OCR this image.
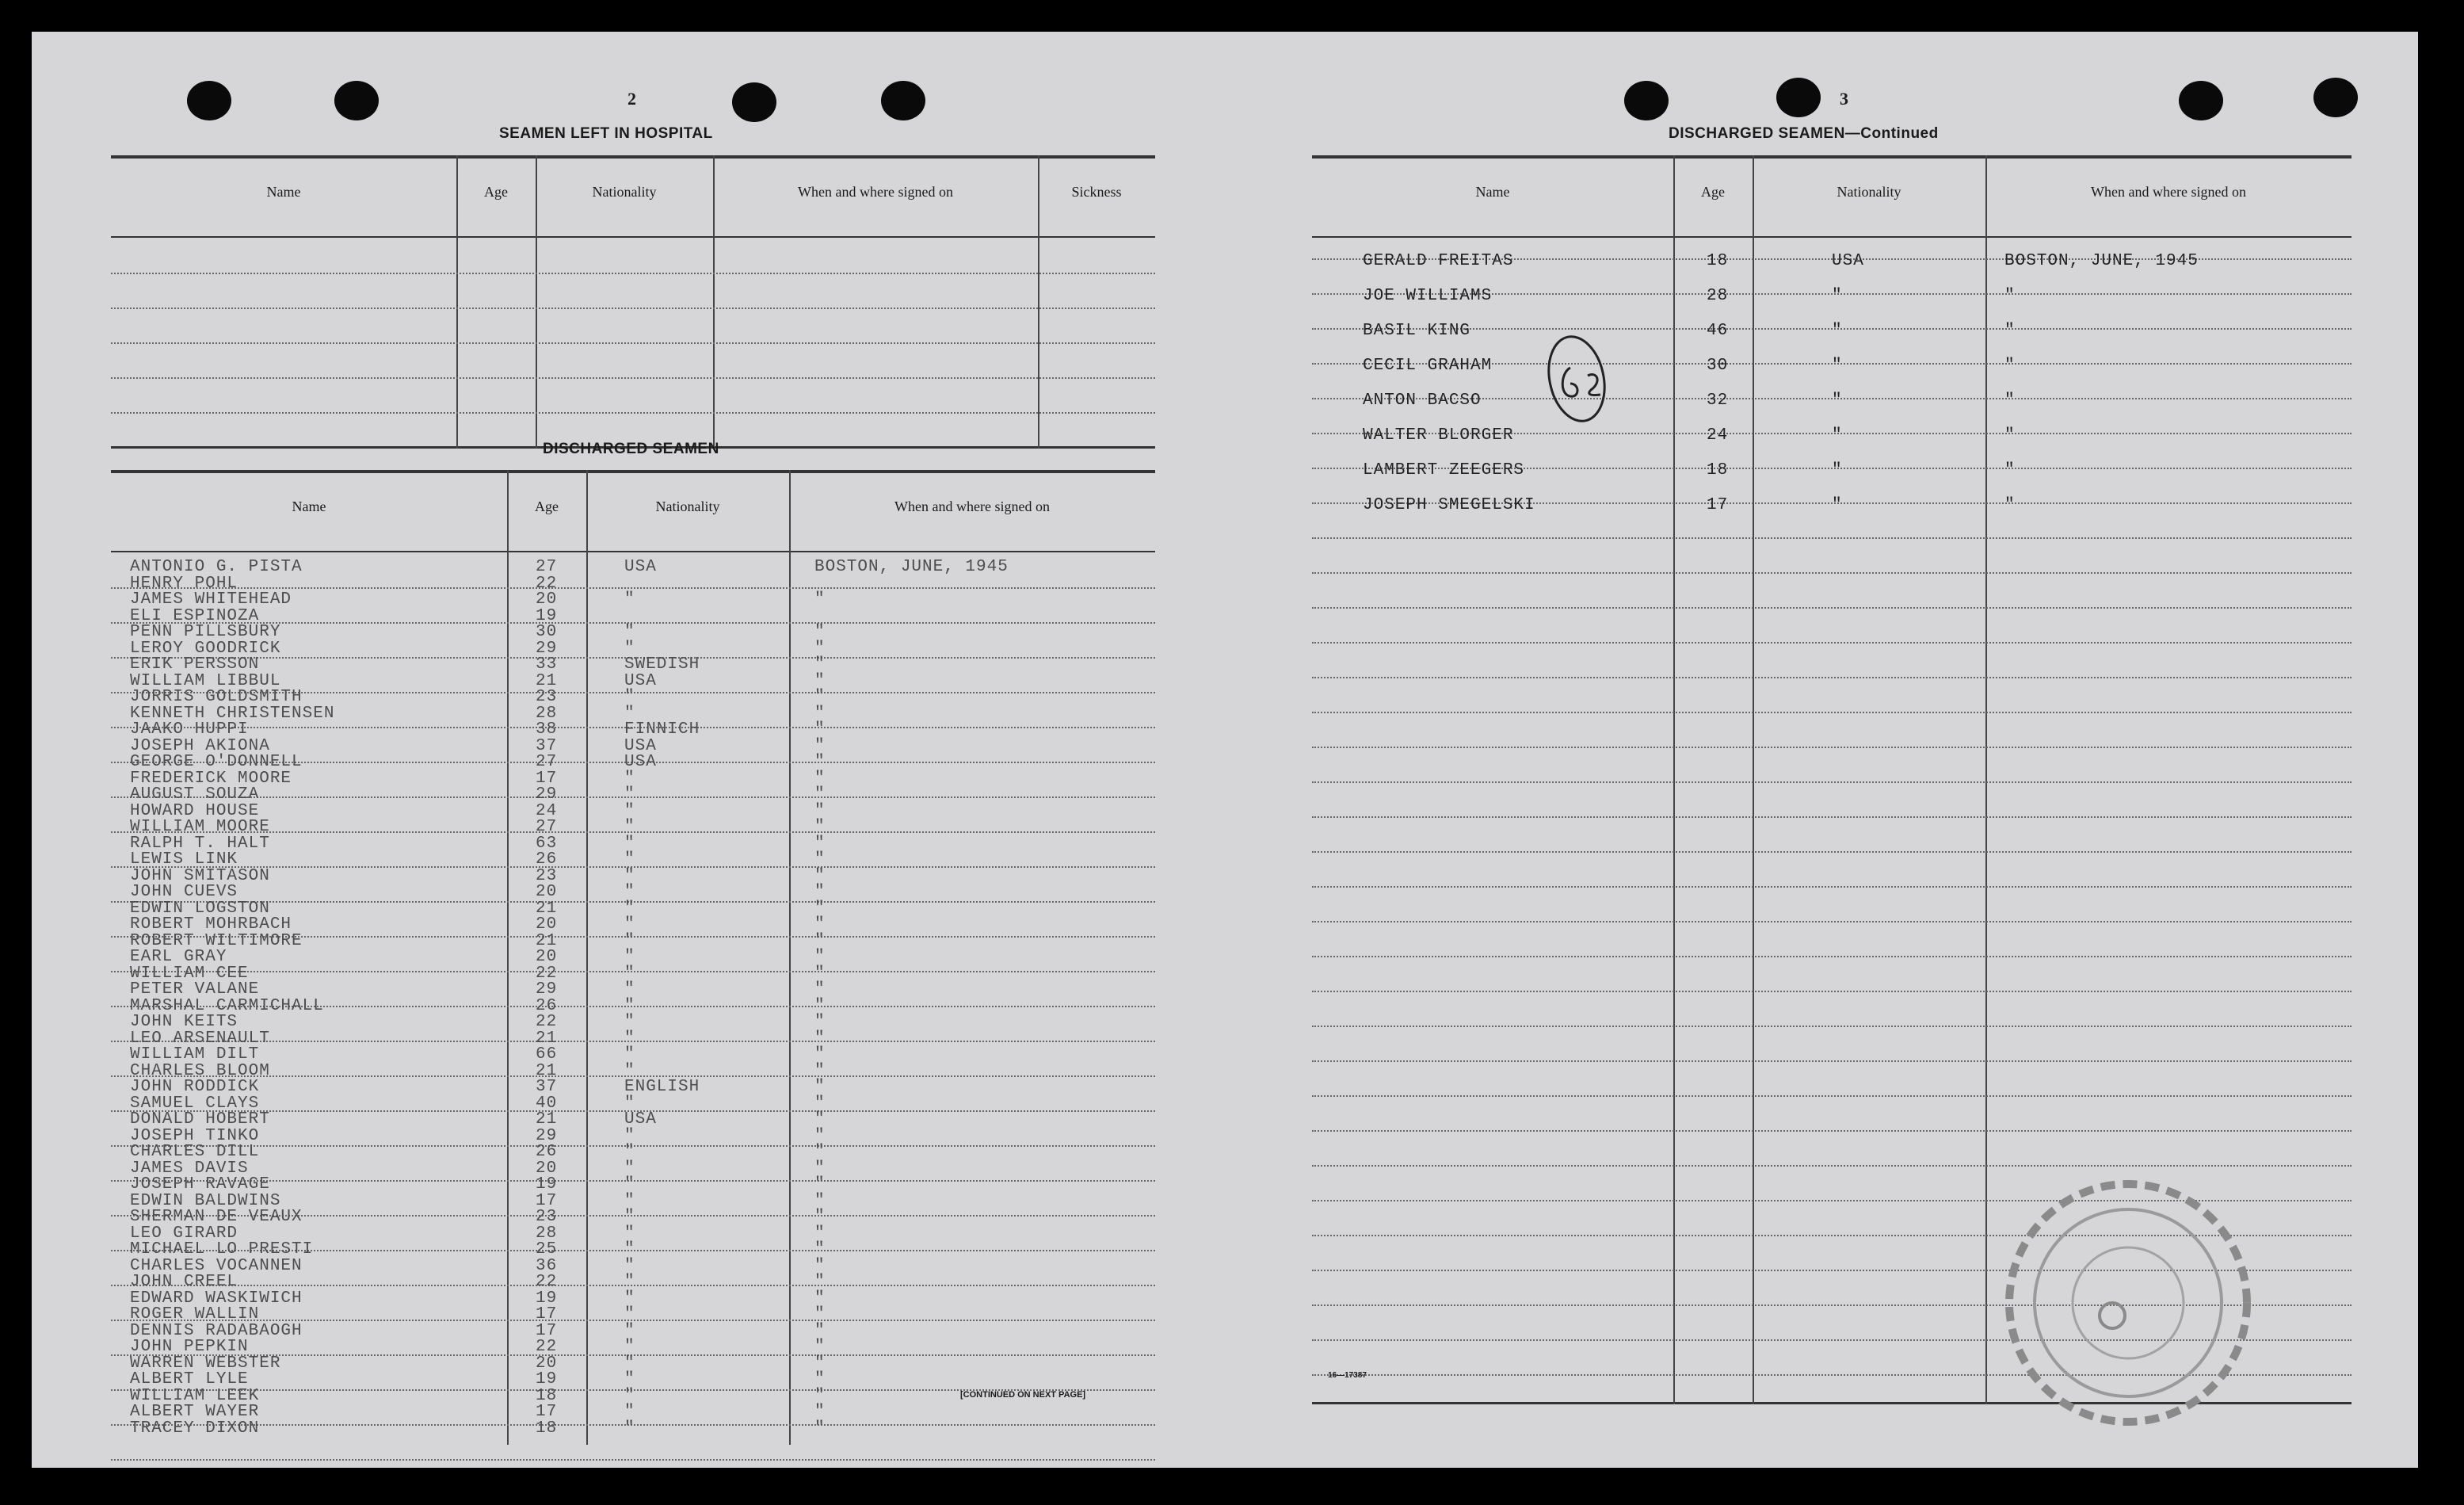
2
SEAMEN LEFT IN HOSPITAL
Name	Age	Nationality	When and where signed on	Sickness
DISCHARGED SEAMEN
Name	Age	Nationality	When and where signed on
[CONTINUED ON NEXT PAGE]
3
DISCHARGED SEAMEN—Continued
Name	Age	Nationality	When and where signed on
16—17387
ANTONIO G. PISTA	27	USA	BOSTON, JUNE, 1945
HENRY POHL	22
JAMES WHITEHEAD	20	"	"
ELI ESPINOZA	19
PENN PILLSBURY	30	"	"
LEROY GOODRICK	29	"	"
ERIK PERSSON	33	SWEDISH	"
WILLIAM LIBBUL	21	USA	"
JORRIS GOLDSMITH	23	"	"
KENNETH CHRISTENSEN	28	"	"
JAAKO HUPPI	38	FINNICH	"
JOSEPH AKIONA	37	USA	"
GEORGE O'DONNELL	27	USA	"
FREDERICK MOORE	17	"	"
AUGUST SOUZA	29	"	"
HOWARD HOUSE	24	"	"
WILLIAM MOORE	27	"	"
RALPH T. HALT	63	"	"
LEWIS LINK	26	"	"
JOHN SMITASON	23	"	"
JOHN CUEVS	20	"	"
EDWIN LOGSTON	21	"	"
ROBERT MOHRBACH	20	"	"
ROBERT WILTIMORE	21	"	"
EARL GRAY	20	"	"
WILLIAM CEE	22	"	"
PETER VALANE	29	"	"
MARSHAL CARMICHALL	26	"	"
JOHN KEITS	22	"	"
LEO ARSENAULT	21	"	"
WILLIAM DILT	66	"	"
CHARLES BLOOM	21	"	"
JOHN RODDICK	37	ENGLISH	"
SAMUEL CLAYS	40	"	"
DONALD HOBERT	21	USA	"
JOSEPH TINKO	29	"	"
CHARLES DILL	26	"	"
JAMES DAVIS	20	"	"
JOSEPH RAVAGE	19	"	"
EDWIN BALDWINS	17	"	"
SHERMAN DE VEAUX	23	"	"
LEO GIRARD	28	"	"
MICHAEL LO PRESTI	25	"	"
CHARLES VOCANNEN	36	"	"
JOHN CREEL	22	"	"
EDWARD WASKIWICH	19	"	"
ROGER WALLIN	17	"	"
DENNIS RADABAOGH	17	"	"
JOHN PEPKIN	22	"	"
WARREN WEBSTER	20	"	"
ALBERT LYLE	19	"	"
WILLIAM LEEK	18	"	"
ALBERT WAYER	17	"	"
TRACEY DIXON	18	"	"
GERALD FREITAS	18	USA	BOSTON, JUNE, 1945
JOE WILLIAMS	28	"	"
BASIL KING	46	"	"
CECIL GRAHAM	30	"	"
ANTON BACSO	32	"	"
WALTER BLORGER	24	"	"
LAMBERT ZEEGERS	18	"	"
JOSEPH SMEGELSKI	17	"	"
